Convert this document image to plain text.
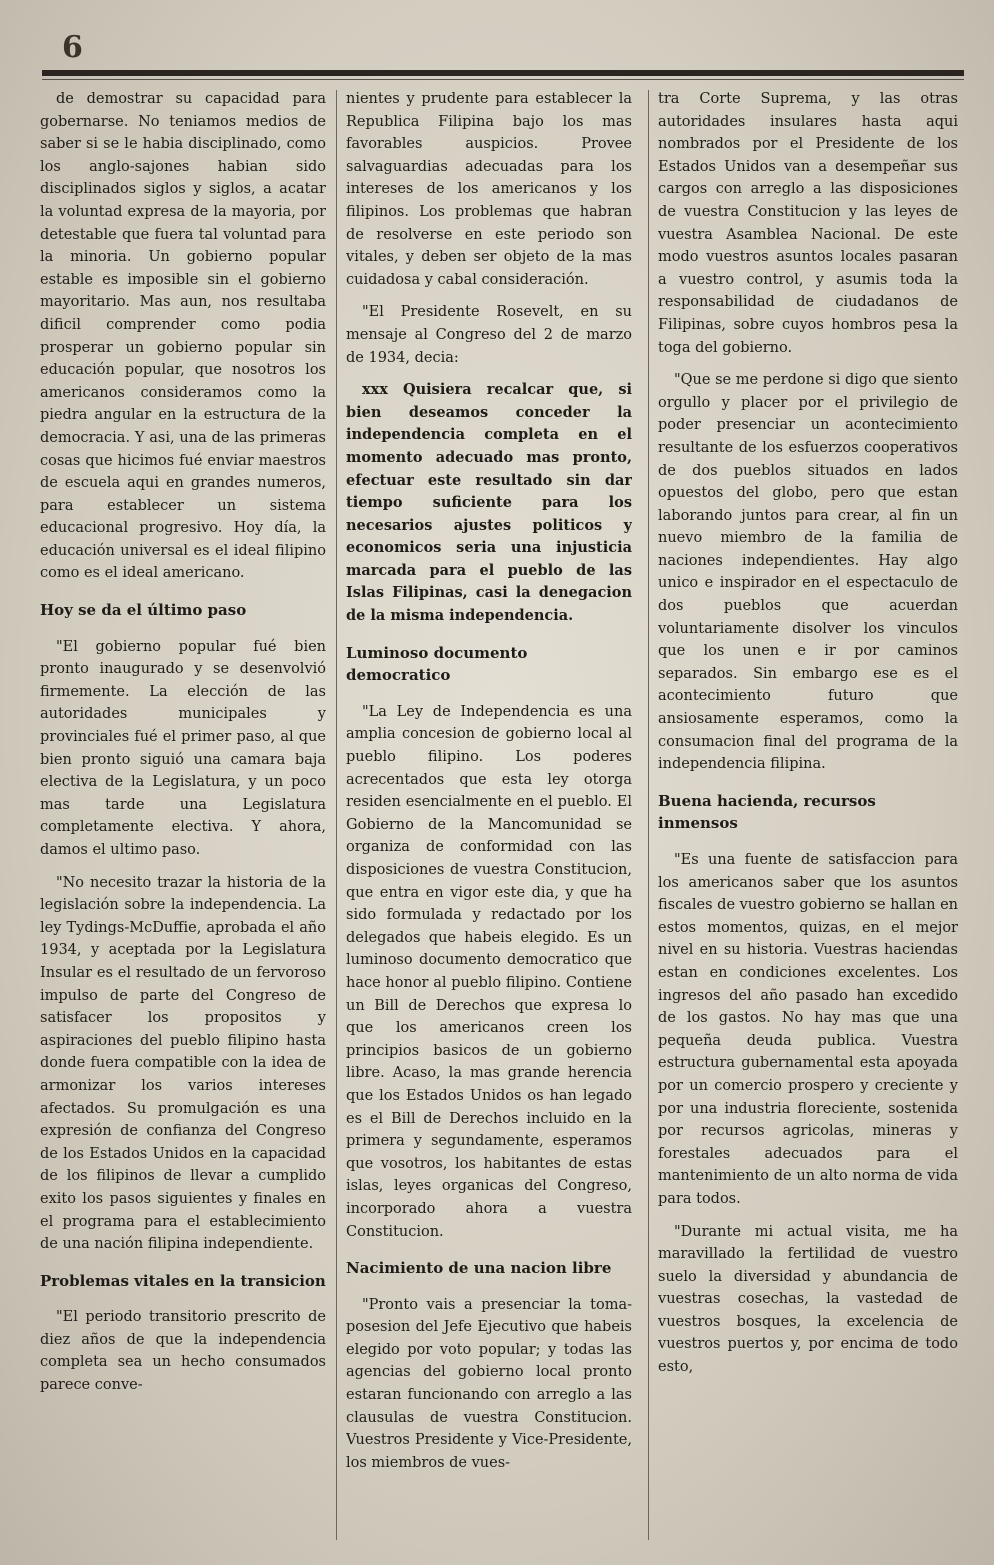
6

de demostrar su capacidad para gobernarse. No teniamos medios de saber si se le habia disciplinado, como los anglo-sajones habian sido disciplinados siglos y siglos, a acatar la voluntad expresa de la mayoria, por detestable que fuera tal voluntad para la minoria. Un gobierno popular estable es imposible sin el gobierno mayoritario. Mas aun, nos resultaba dificil comprender como podia prosperar un gobierno popular sin educación popular, que nosotros los americanos consideramos como la piedra angular en la estructura de la democracia. Y asi, una de las primeras cosas que hicimos fué enviar maestros de escuela aqui en grandes numeros, para establecer un sistema educacional progresivo. Hoy día, la educación universal es el ideal filipino como es el ideal americano.

Hoy se da el último paso

"El gobierno popular fué bien pronto inaugurado y se desenvolvió firmemente. La elección de las autoridades municipales y provinciales fué el primer paso, al que bien pronto siguió una camara baja electiva de la Legislatura, y un poco mas tarde una Legislatura completamente electiva. Y ahora, damos el ultimo paso.

"No necesito trazar la historia de la legislación sobre la independencia. La ley Tydings-McDuffie, aprobada el año 1934, y aceptada por la Legislatura Insular es el resultado de un fervoroso impulso de parte del Congreso de satisfacer los propositos y aspiraciones del pueblo filipino hasta donde fuera compatible con la idea de armonizar los varios intereses afectados. Su promulgación es una expresión de confianza del Congreso de los Estados Unidos en la capacidad de los filipinos de llevar a cumplido exito los pasos siguientes y finales en el programa para el establecimiento de una nación filipina independiente.

Problemas vitales en la transicion

"El periodo transitorio prescrito de diez años de que la independencia completa sea un hecho consumados parece conve-

nientes y prudente para establecer la Republica Filipina bajo los mas favorables auspicios. Provee salvaguardias adecuadas para los intereses de los americanos y los filipinos. Los problemas que habran de resolverse en este periodo son vitales, y deben ser objeto de la mas cuidadosa y cabal consideración.

"El Presidente Rosevelt, en su mensaje al Congreso del 2 de marzo de 1934, decia:

xxx Quisiera recalcar que, si bien deseamos conceder la independencia completa en el momento adecuado mas pronto, efectuar este resultado sin dar tiempo suficiente para los necesarios ajustes politicos y economicos seria una injusticia marcada para el pueblo de las Islas Filipinas, casi la denegacion de la misma independencia.

Luminoso documento democratico

"La Ley de Independencia es una amplia concesion de gobierno local al pueblo filipino. Los poderes acrecentados que esta ley otorga residen esencialmente en el pueblo. El Gobierno de la Mancomunidad se organiza de conformidad con las disposiciones de vuestra Constitucion, que entra en vigor este dia, y que ha sido formulada y redactado por los delegados que habeis elegido. Es un luminoso documento democratico que hace honor al pueblo filipino. Contiene un Bill de Derechos que expresa lo que los americanos creen los principios basicos de un gobierno libre. Acaso, la mas grande herencia que los Estados Unidos os han legado es el Bill de Derechos incluido en la primera y segundamente, esperamos que vosotros, los habitantes de estas islas, leyes organicas del Congreso, incorporado ahora a vuestra Constitucion.

Nacimiento de una nacion libre

"Pronto vais a presenciar la toma-posesion del Jefe Ejecutivo que habeis elegido por voto popular; y todas las agencias del gobierno local pronto estaran funcionando con arreglo a las clausulas de vuestra Constitucion. Vuestros Presidente y Vice-Presidente, los miembros de vues-

tra Corte Suprema, y las otras autoridades insulares hasta aqui nombrados por el Presidente de los Estados Unidos van a desempeñar sus cargos con arreglo a las disposiciones de vuestra Constitucion y las leyes de vuestra Asamblea Nacional. De este modo vuestros asuntos locales pasaran a vuestro control, y asumis toda la responsabilidad de ciudadanos de Filipinas, sobre cuyos hombros pesa la toga del gobierno.

"Que se me perdone si digo que siento orgullo y placer por el privilegio de poder presenciar un acontecimiento resultante de los esfuerzos cooperativos de dos pueblos situados en lados opuestos del globo, pero que estan laborando juntos para crear, al fin un nuevo miembro de la familia de naciones independientes. Hay algo unico e inspirador en el espectaculo de dos pueblos que acuerdan voluntariamente disolver los vinculos que los unen e ir por caminos separados. Sin embargo ese es el acontecimiento futuro que ansiosamente esperamos, como la consumacion final del programa de la independencia filipina.

Buena hacienda, recursos inmensos

"Es una fuente de satisfaccion para los americanos saber que los asuntos fiscales de vuestro gobierno se hallan en estos momentos, quizas, en el mejor nivel en su historia. Vuestras haciendas estan en condiciones excelentes. Los ingresos del año pasado han excedido de los gastos. No hay mas que una pequeña deuda publica. Vuestra estructura gubernamental esta apoyada por un comercio prospero y creciente y por una industria floreciente, sostenida por recursos agricolas, mineras y forestales adecuados para el mantenimiento de un alto norma de vida para todos.

"Durante mi actual visita, me ha maravillado la fertilidad de vuestro suelo la diversidad y abundancia de vuestras cosechas, la vastedad de vuestros bosques, la excelencia de vuestros puertos y, por encima de todo esto,
